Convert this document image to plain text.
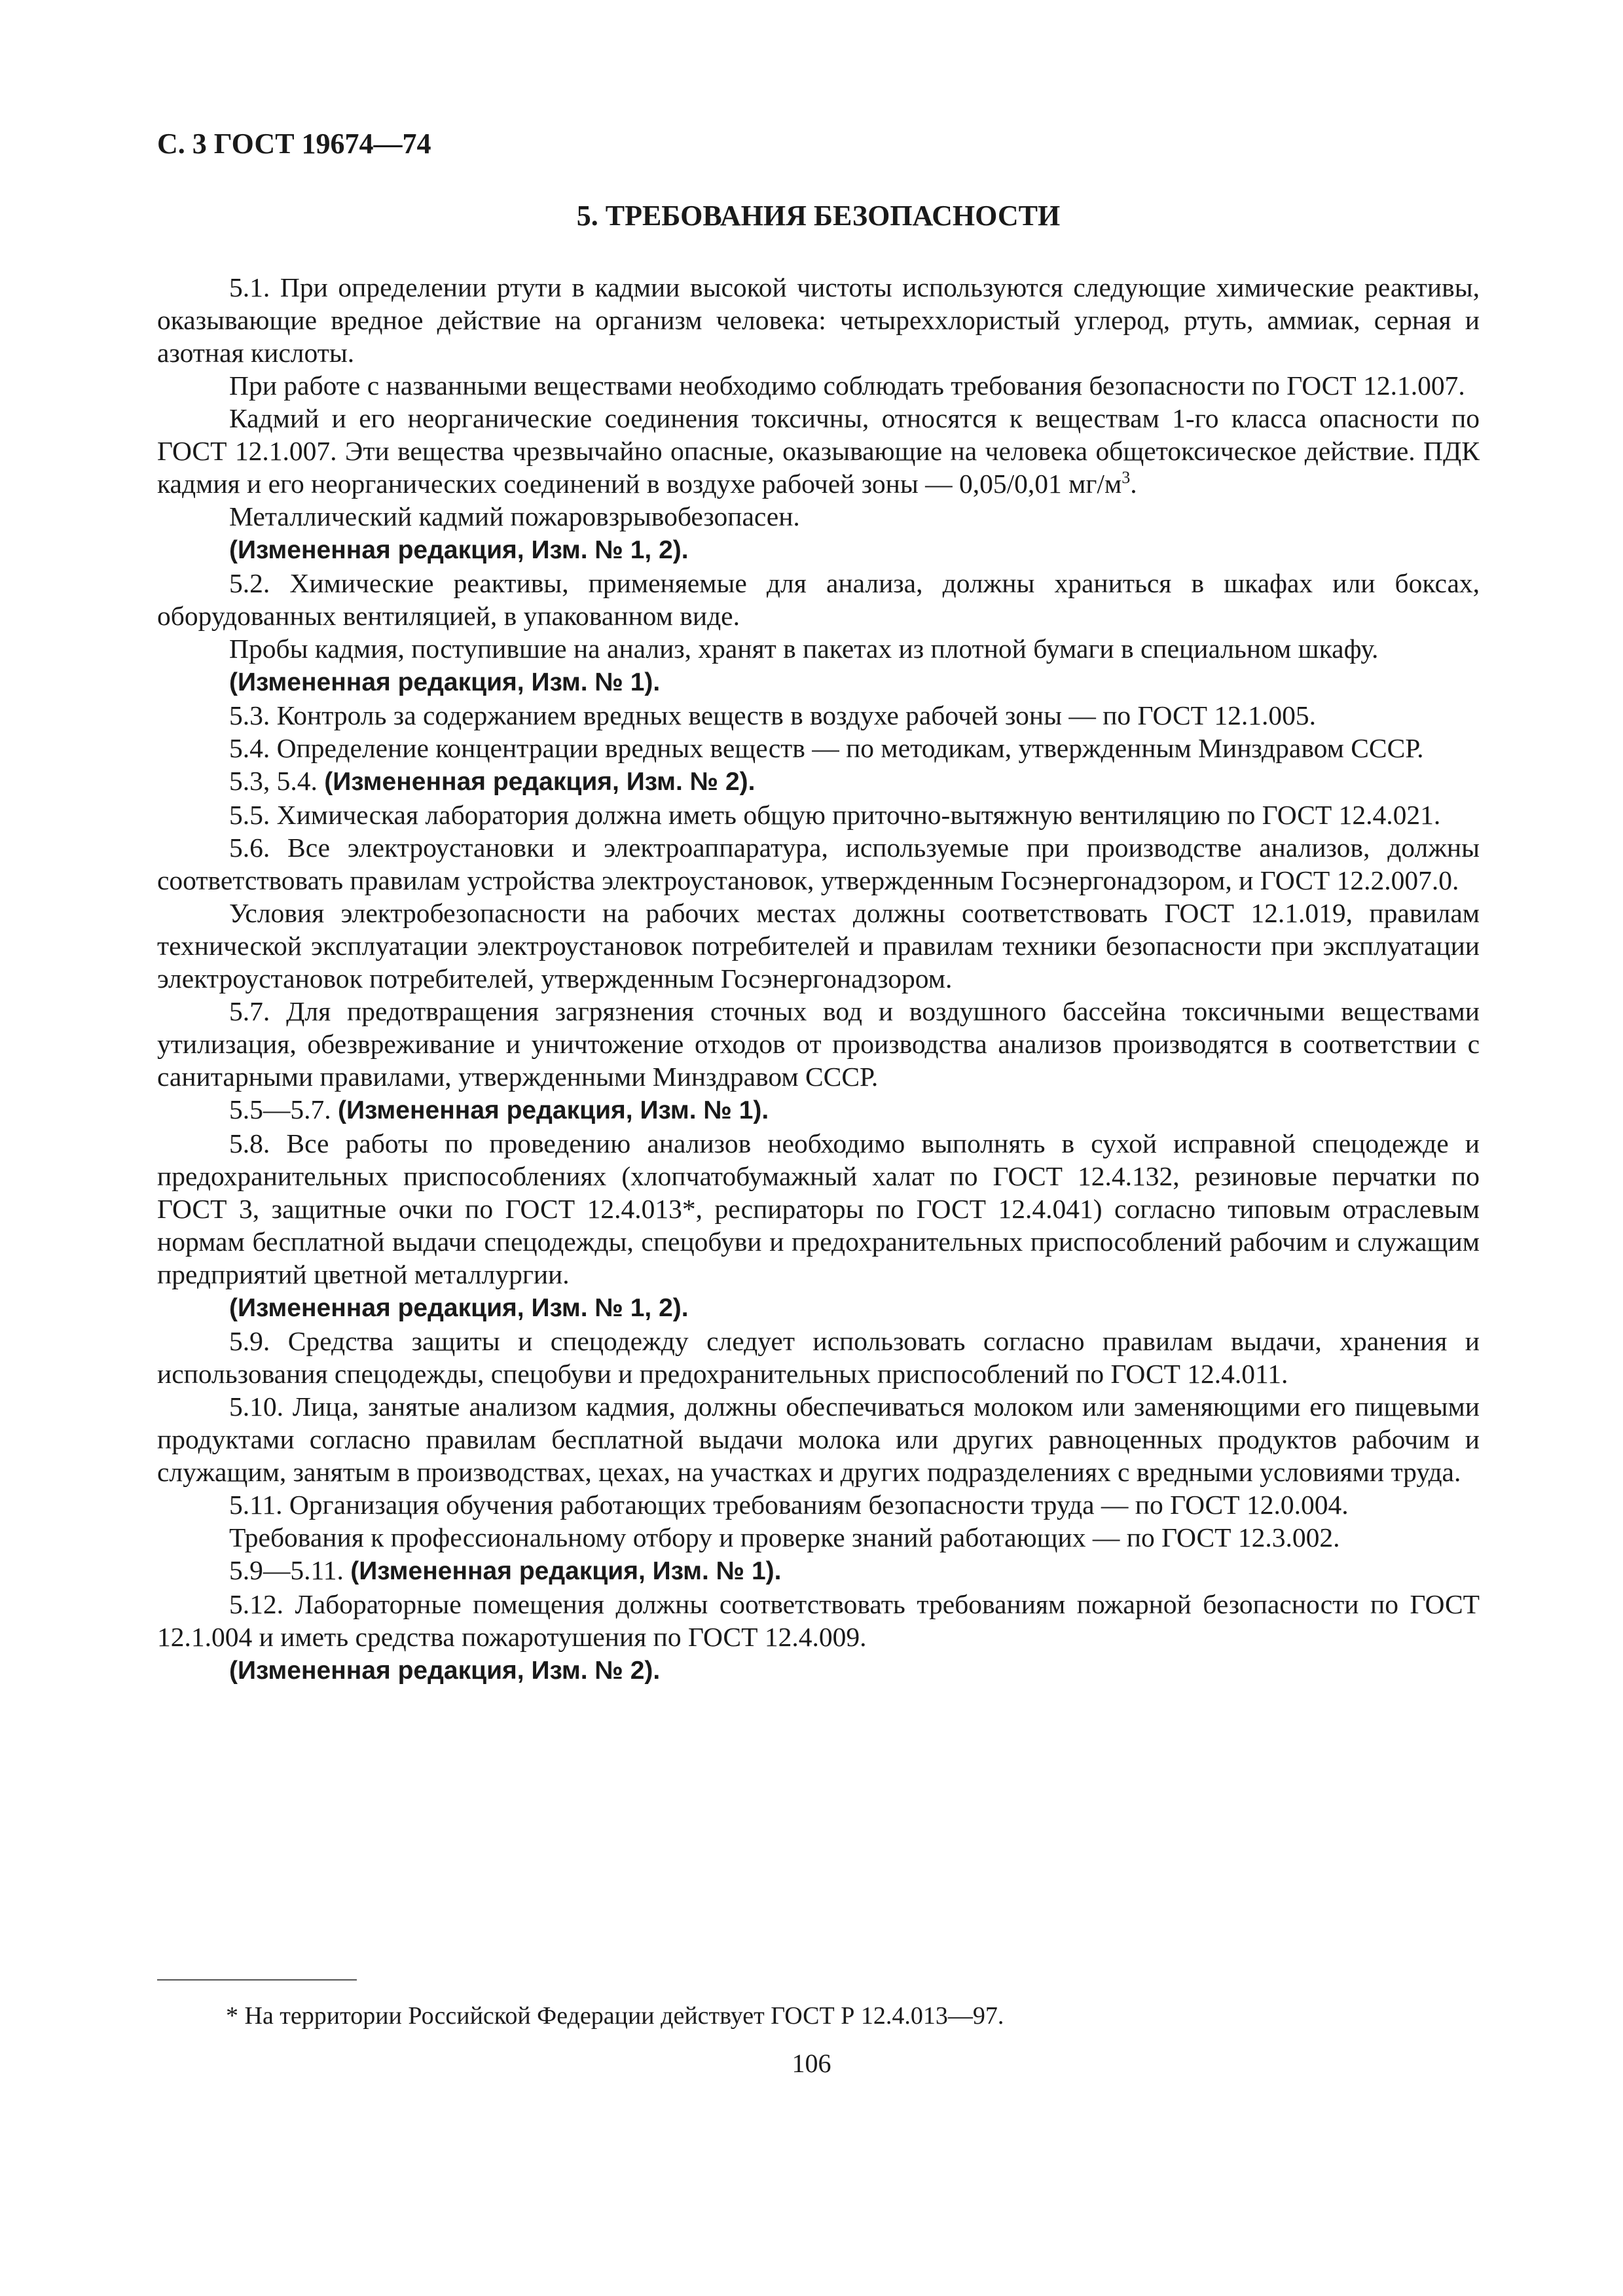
С. 3 ГОСТ 19674—74
5. ТРЕБОВАНИЯ БЕЗОПАСНОСТИ

5.1. При определении ртути в кадмии высокой чистоты используются следующие химические реактивы, оказывающие вредное действие на организм человека: четыреххлористый углерод, ртуть, аммиак, серная и азотная кислоты.

При работе с названными веществами необходимо соблюдать требования безопасности по ГОСТ 12.1.007.

Кадмий и его неорганические соединения токсичны, относятся к веществам 1-го класса опасности по ГОСТ 12.1.007. Эти вещества чрезвычайно опасные, оказывающие на человека общетоксическое действие. ПДК кадмия и его неорганических соединений в воздухе рабочей зоны — 0,05/0,01 $мг/м^3$.

Металлический кадмий пожаровзрывобезопасен.

(Измененная редакция, Изм. № 1, 2).

5.2. Химические реактивы, применяемые для анализа, должны храниться в шкафах или боксах, оборудованных вентиляцией, в упакованном виде.

Пробы кадмия, поступившие на анализ, хранят в пакетах из плотной бумаги в специальном шкафу.

(Измененная редакция, Изм. № 1).

5.3. Контроль за содержанием вредных веществ в воздухе рабочей зоны — по ГОСТ 12.1.005.

5.4. Определение концентрации вредных веществ — по методикам, утвержденным Минздравом СССР.

5.3, 5.4. (Измененная редакция, Изм. № 2).

5.5. Химическая лаборатория должна иметь общую приточно-вытяжную вентиляцию по ГОСТ 12.4.021.

5.6. Все электроустановки и электроаппаратура, используемые при производстве анализов, должны соответствовать правилам устройства электроустановок, утвержденным Госэнергонадзором, и ГОСТ 12.2.007.0.

Условия электробезопасности на рабочих местах должны соответствовать ГОСТ 12.1.019, правилам технической эксплуатации электроустановок потребителей и правилам техники безопасности при эксплуатации электроустановок потребителей, утвержденным Госэнергонадзором.

5.7. Для предотвращения загрязнения сточных вод и воздушного бассейна токсичными веществами утилизация, обезвреживание и уничтожение отходов от производства анализов производятся в соответствии с санитарными правилами, утвержденными Минздравом СССР.

5.5—5.7. (Измененная редакция, Изм. № 1).

5.8. Все работы по проведению анализов необходимо выполнять в сухой исправной спецодежде и предохранительных приспособлениях (хлопчатобумажный халат по ГОСТ 12.4.132, резиновые перчатки по ГОСТ 3, защитные очки по ГОСТ 12.4.013*, респираторы по ГОСТ 12.4.041) согласно типовым отраслевым нормам бесплатной выдачи спецодежды, спецобуви и предохранительных приспособлений рабочим и служащим предприятий цветной металлургии.

(Измененная редакция, Изм. № 1, 2).

5.9. Средства защиты и спецодежду следует использовать согласно правилам выдачи, хранения и использования спецодежды, спецобуви и предохранительных приспособлений по ГОСТ 12.4.011.

5.10. Лица, занятые анализом кадмия, должны обеспечиваться молоком или заменяющими его пищевыми продуктами согласно правилам бесплатной выдачи молока или других равноценных продуктов рабочим и служащим, занятым в производствах, цехах, на участках и других подразделениях с вредными условиями труда.

5.11. Организация обучения работающих требованиям безопасности труда — по ГОСТ 12.0.004.

Требования к профессиональному отбору и проверке знаний работающих — по ГОСТ 12.3.002.

5.9—5.11. (Измененная редакция, Изм. № 1).

5.12. Лабораторные помещения должны соответствовать требованиям пожарной безопасности по ГОСТ 12.1.004 и иметь средства пожаротушения по ГОСТ 12.4.009.

(Измененная редакция, Изм. № 2).

* На территории Российской Федерации действует ГОСТ Р 12.4.013—97.
106
